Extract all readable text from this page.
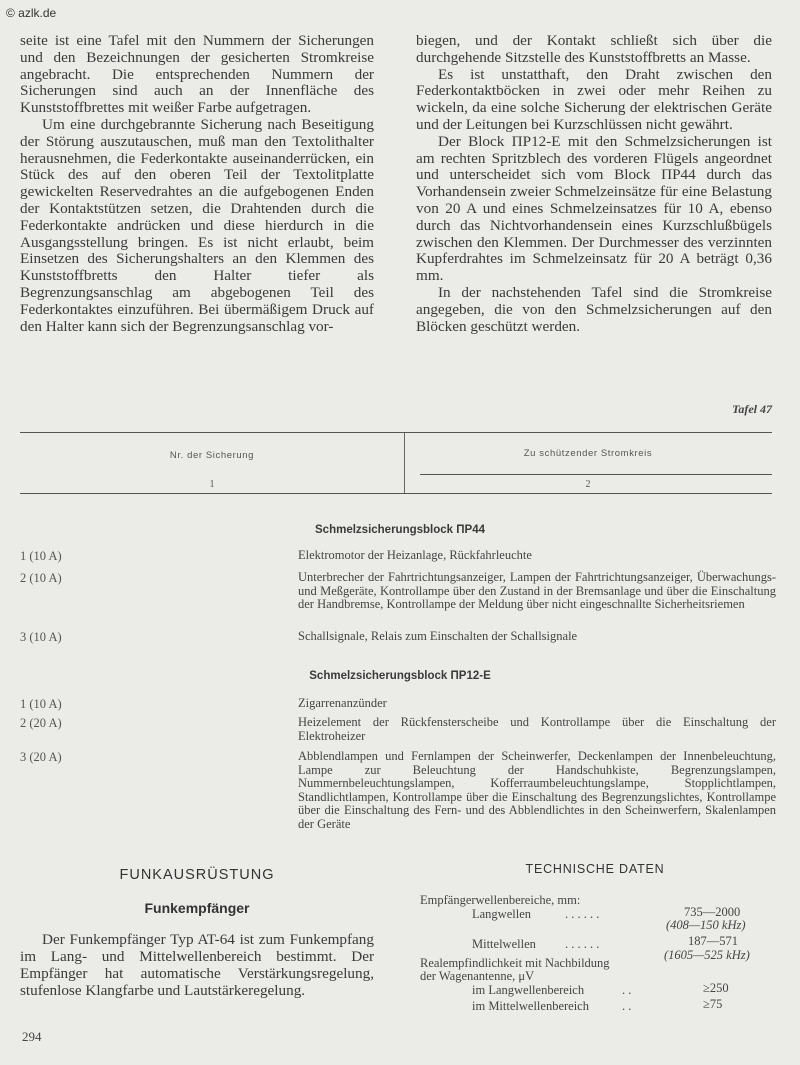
© azlk.de

seite ist eine Tafel mit den Nummern der Sicherungen und den Bezeichnungen der gesicherten Stromkreise angebracht. Die entsprechenden Nummern der Sicherungen sind auch an der Innenfläche des Kunststoffbrettes mit weißer Farbe aufgetragen.

Um eine durchgebrannte Sicherung nach Beseitigung der Störung auszutauschen, muß man den Textolithalter herausnehmen, die Federkontakte auseinanderrücken, ein Stück des auf den oberen Teil der Textolitplatte gewickelten Reservedrahtes an die aufgebogenen Enden der Kontaktstützen setzen, die Drahtenden durch die Federkontakte andrücken und diese hierdurch in die Ausgangsstellung bringen. Es ist nicht erlaubt, beim Einsetzen des Sicherungshalters an den Klemmen des Kunststoffbretts den Halter tiefer als Begrenzungsanschlag am abgebogenen Teil des Federkontaktes einzuführen. Bei übermäßigem Druck auf den Halter kann sich der Begrenzungsanschlag vor-

biegen, und der Kontakt schließt sich über die durchgehende Sitzstelle des Kunststoffbretts an Masse.

Es ist unstatthaft, den Draht zwischen den Federkontaktböcken in zwei oder mehr Reihen zu wickeln, da eine solche Sicherung der elektrischen Geräte und der Leitungen bei Kurzschlüssen nicht gewährt.

Der Block ПР12-E mit den Schmelzsicherungen ist am rechten Spritzblech des vorderen Flügels angeordnet und unterscheidet sich vom Block ПР44 durch das Vorhandensein zweier Schmelzeinsätze für eine Belastung von 20 A und eines Schmelzeinsatzes für 10 A, ebenso durch das Nichtvorhandensein eines Kurzschlußbügels zwischen den Klemmen. Der Durchmesser des verzinnten Kupferdrahtes im Schmelzeinsatz für 20 A beträgt 0,36 mm.

In der nachstehenden Tafel sind die Stromkreise angegeben, die von den Schmelzsicherungen auf den Blöcken geschützt werden.

Tafel 47
Nr. der Sicherung	Zu schützender Stromkreis
1	2
Schmelzsicherungsblock ПР44
1 (10 A)	Elektromotor der Heizanlage, Rückfahrleuchte
2 (10 A)	Unterbrecher der Fahrtrichtungsanzeiger, Lampen der Fahrtrichtungsanzeiger, Überwachungs- und Meßgeräte, Kontrollampe über den Zustand in der Bremsanlage und über die Einschaltung der Handbremse, Kontrollampe der Meldung über nicht eingeschnallte Sicherheitsriemen
3 (10 A)	Schallsignale, Relais zum Einschalten der Schallsignale
Schmelzsicherungsblock ПР12-E
1 (10 A)	Zigarrenanzünder
2 (20 A)	Heizelement der Rückfensterscheibe und Kontrollampe über die Einschaltung der Elektroheizer
3 (20 A)	Abblendlampen und Fernlampen der Scheinwerfer, Deckenlampen der Innenbeleuchtung, Lampe zur Beleuchtung der Handschuhkiste, Begrenzungslampen, Nummernbeleuchtungslampen, Kofferraumbeleuchtungslampe, Stopplichtlampen, Standlichtlampen, Kontrollampe über die Einschaltung des Begrenzungslichtes, Kontrollampe über die Einschaltung des Fern- und des Abblendlichtes in den Scheinwerfern, Skalenlampen der Geräte
FUNKAUSRÜSTUNG
Funkempfänger
Der Funkempfänger Typ AT-64 ist zum Funkempfang im Lang- und Mittelwellenbereich bestimmt. Der Empfänger hat automatische Verstärkungsregelung, stufenlose Klangfarbe und Lautstärkeregelung.
TECHNISCHE DATEN
Empfängerwellenbereiche, mm:
Langwellen	. . . . . .	735—2000
(408—150 kHz)
Mittelwellen . . . . . .	187—571
(1605—525 kHz)
Realempfindlichkeit mit Nachbildung
der Wagenantenne, μV
im Langwellenbereich	. .	≥250
im Mittelwellenbereich	. .	≥75
294
